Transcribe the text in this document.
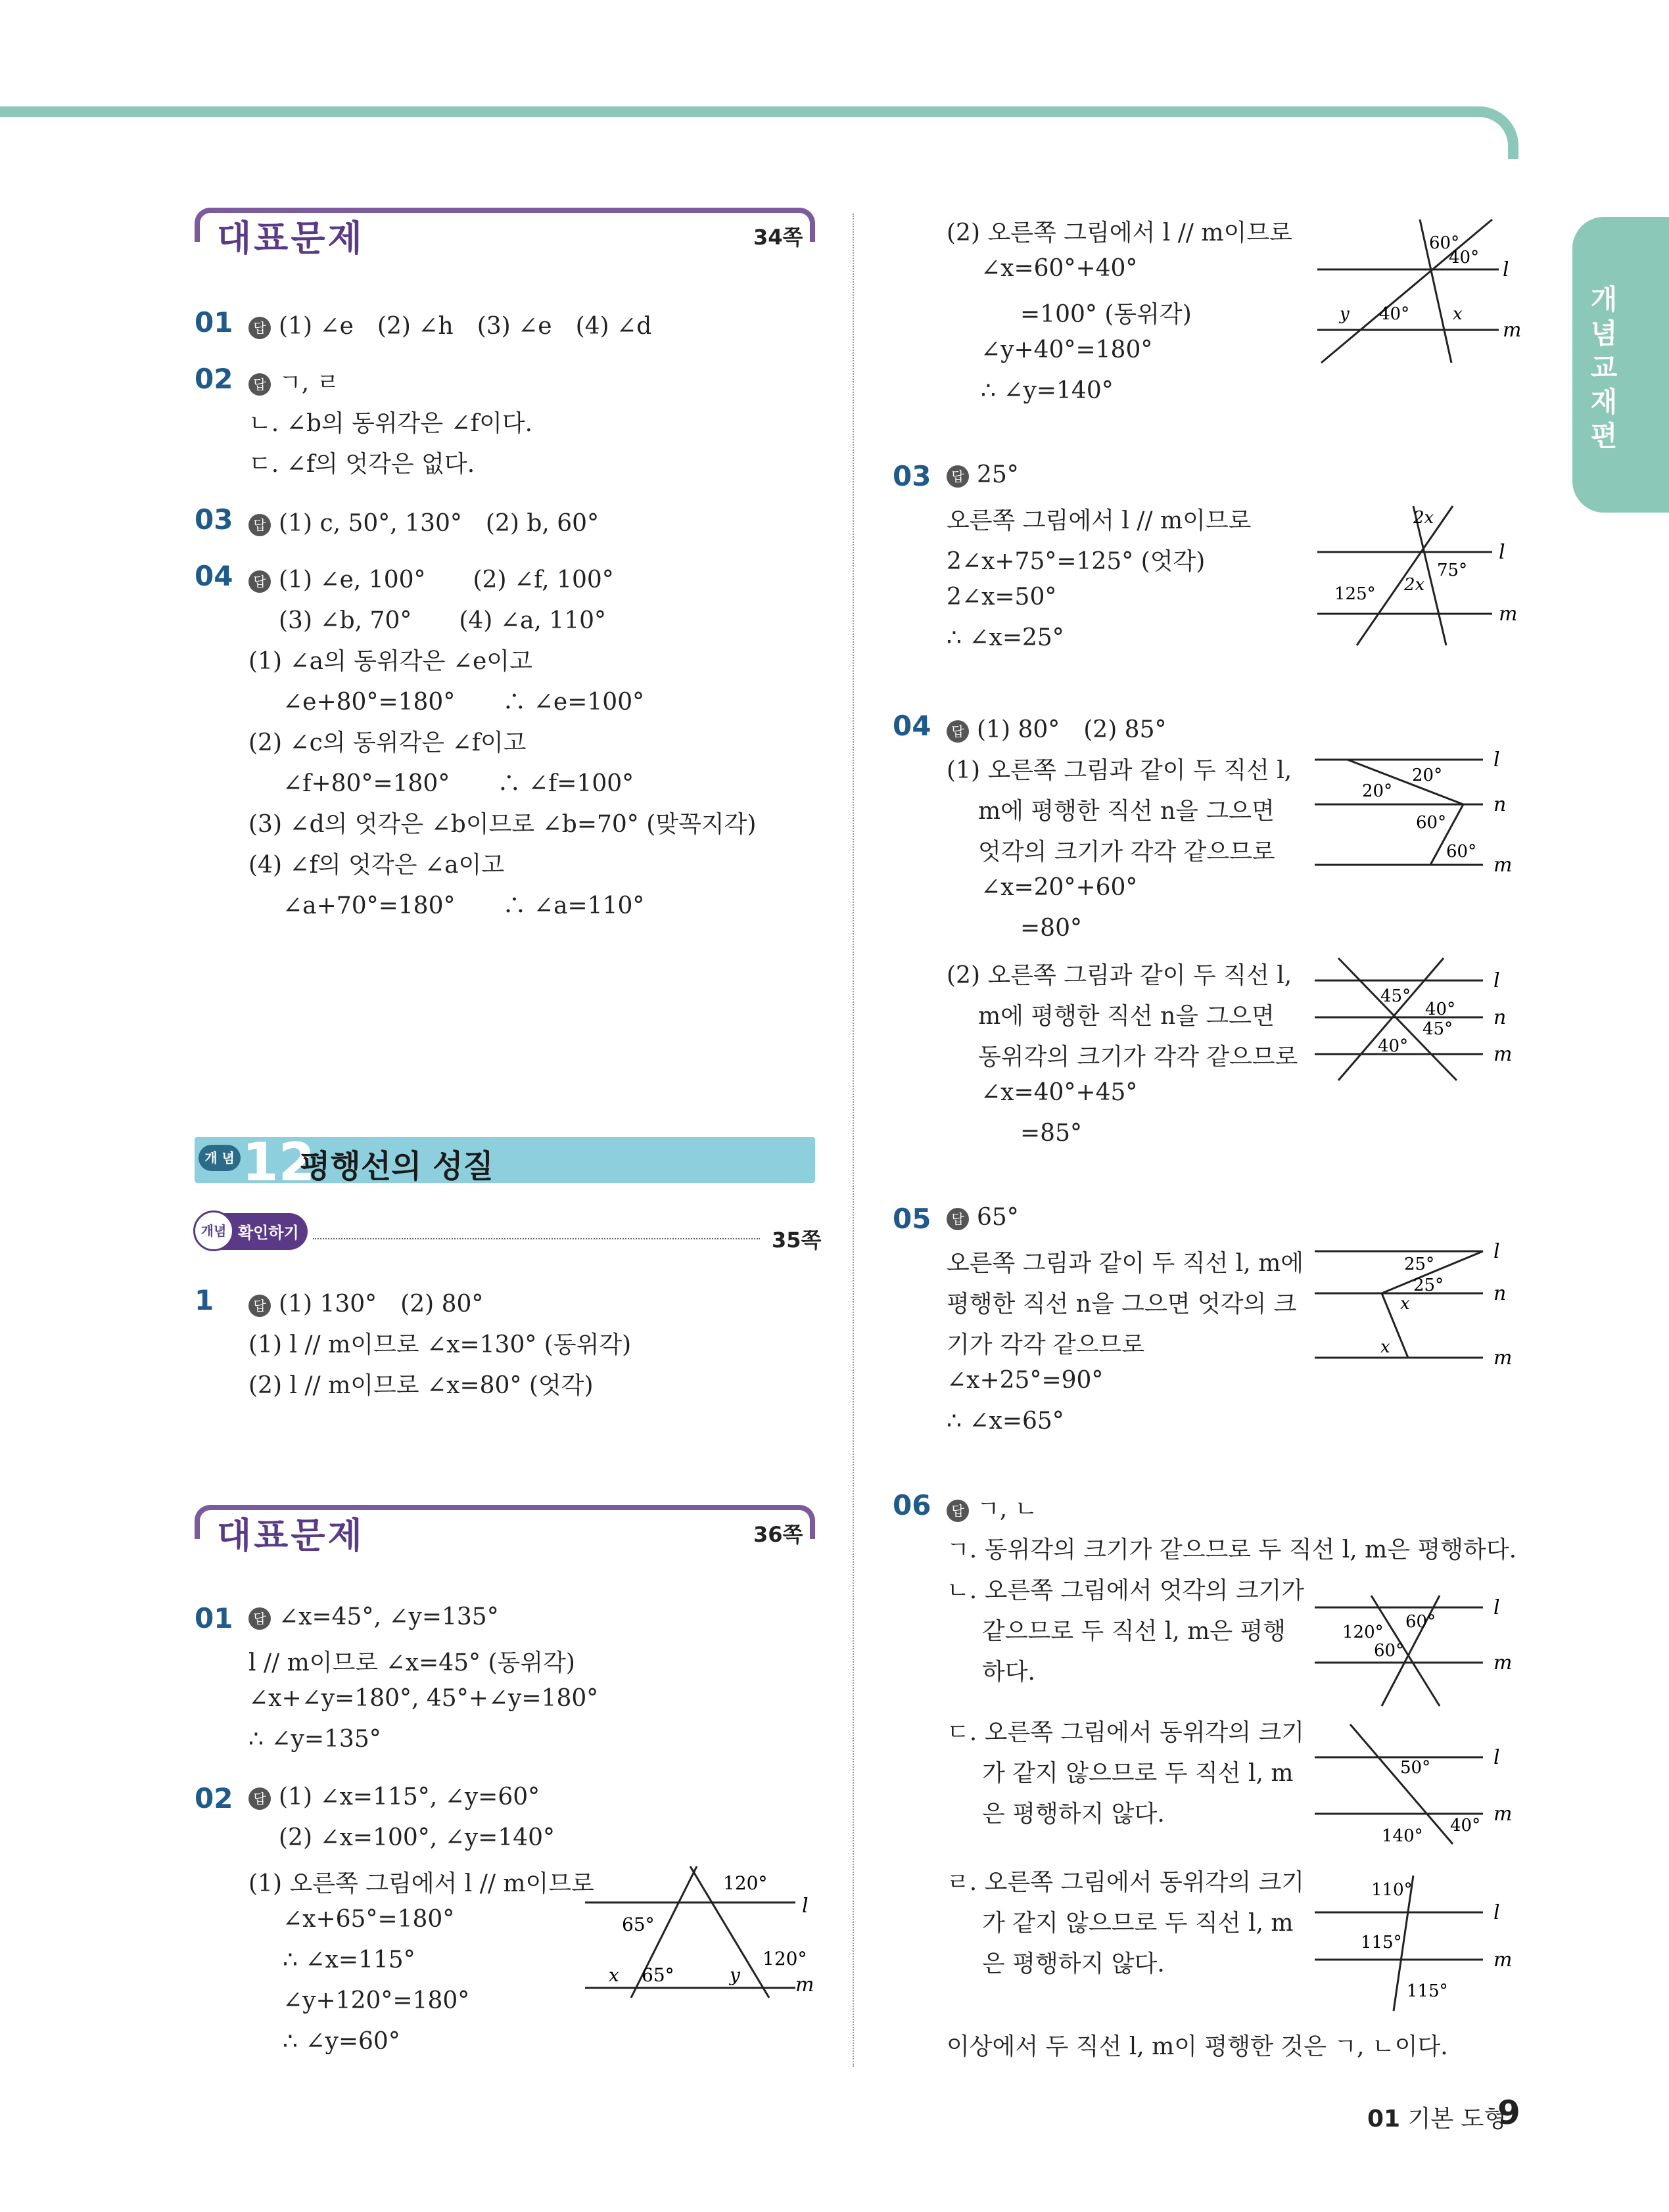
개념교재편
대표문제	34쪽
01	답 (1) ∠e　(2) ∠h　(3) ∠e　(4) ∠d
02	답 ㄱ, ㄹ
ㄴ. ∠b의 동위각은 ∠f이다.
ㄷ. ∠f의 엇각은 없다.
03	답 (1) c, 50°, 130°　(2) b, 60°
04	답 (1) ∠e, 100°　　(2) ∠f, 100°
(3) ∠b, 70°　　(4) ∠a, 110°
(1) ∠a의 동위각은 ∠e이고
∠e+80°=180°　　∴ ∠e=100°
(2) ∠c의 동위각은 ∠f이고
∠f+80°=180°　　∴ ∠f=100°
(3) ∠d의 엇각은 ∠b이므로 ∠b=70° (맞꼭지각)
(4) ∠f의 엇각은 ∠a이고
∠a+70°=180°　　∴ ∠a=110°
개 념 12
평행선의 성질
개념 확인하기	35쪽
1	답 (1) 130°　(2) 80°
(1) l // m이므로 ∠x=130° (동위각)
(2) l // m이므로 ∠x=80° (엇각)
대표문제	36쪽
01	답 ∠x=45°, ∠y=135°
l // m이므로 ∠x=45° (동위각)
∠x+∠y=180°, 45°+∠y=180°
∴ ∠y=135°
02	답 (1) ∠x=115°, ∠y=60°
(2) ∠x=100°, ∠y=140°
(1) 오른쪽 그림에서 l // m이므로
∠x+65°=180°
∴ ∠x=115°
∠y+120°=180°
∴ ∠y=60°
120°
l
65°
x 65°	y
120°
m
(2) 오른쪽 그림에서 l // m이므로
∠x=60°+40°
=100° (동위각)
∠y+40°=180°
∴ ∠y=140°
60°
40°
l
y 40°	x
m
03	답 25°
오른쪽 그림에서 l // m이므로
2∠x+75°=125° (엇각)
2∠x=50°
∴ ∠x=25°
2x
75°
2x
125°
l
m
04	답 (1) 80°　(2) 85°
(1) 오른쪽 그림과 같이 두 직선 l,
m에 평행한 직선 n을 그으면
엇각의 크기가 각각 같으므로
∠x=20°+60°
=80°
(2) 오른쪽 그림과 같이 두 직선 l,
m에 평행한 직선 n을 그으면
동위각의 크기가 각각 같으므로
∠x=40°+45°
=85°
20°
20°
60°
60°
l
n
m
45°
40°
45°
40°
l
n
m
05	답 65°
오른쪽 그림과 같이 두 직선 l, m에
평행한 직선 n을 그으면 엇각의 크
기가 각각 같으므로
∠x+25°=90°
∴ ∠x=65°
25°
25°
x
x
l
n
m
06	답 ㄱ, ㄴ
ㄱ. 동위각의 크기가 같으므로 두 직선 l, m은 평행하다.
ㄴ. 오른쪽 그림에서 엇각의 크기가
같으므로 두 직선 l, m은 평행
하다.
ㄷ. 오른쪽 그림에서 동위각의 크기
가 같지 않으므로 두 직선 l, m
은 평행하지 않다.
ㄹ. 오른쪽 그림에서 동위각의 크기
가 같지 않으므로 두 직선 l, m
은 평행하지 않다.
이상에서 두 직선 l, m이 평행한 것은 ㄱ, ㄴ이다.
60°
120°
60°
l
m
50°
40°
140°
l
m
110°
115°
115°
l
m
01 기본 도형
9
